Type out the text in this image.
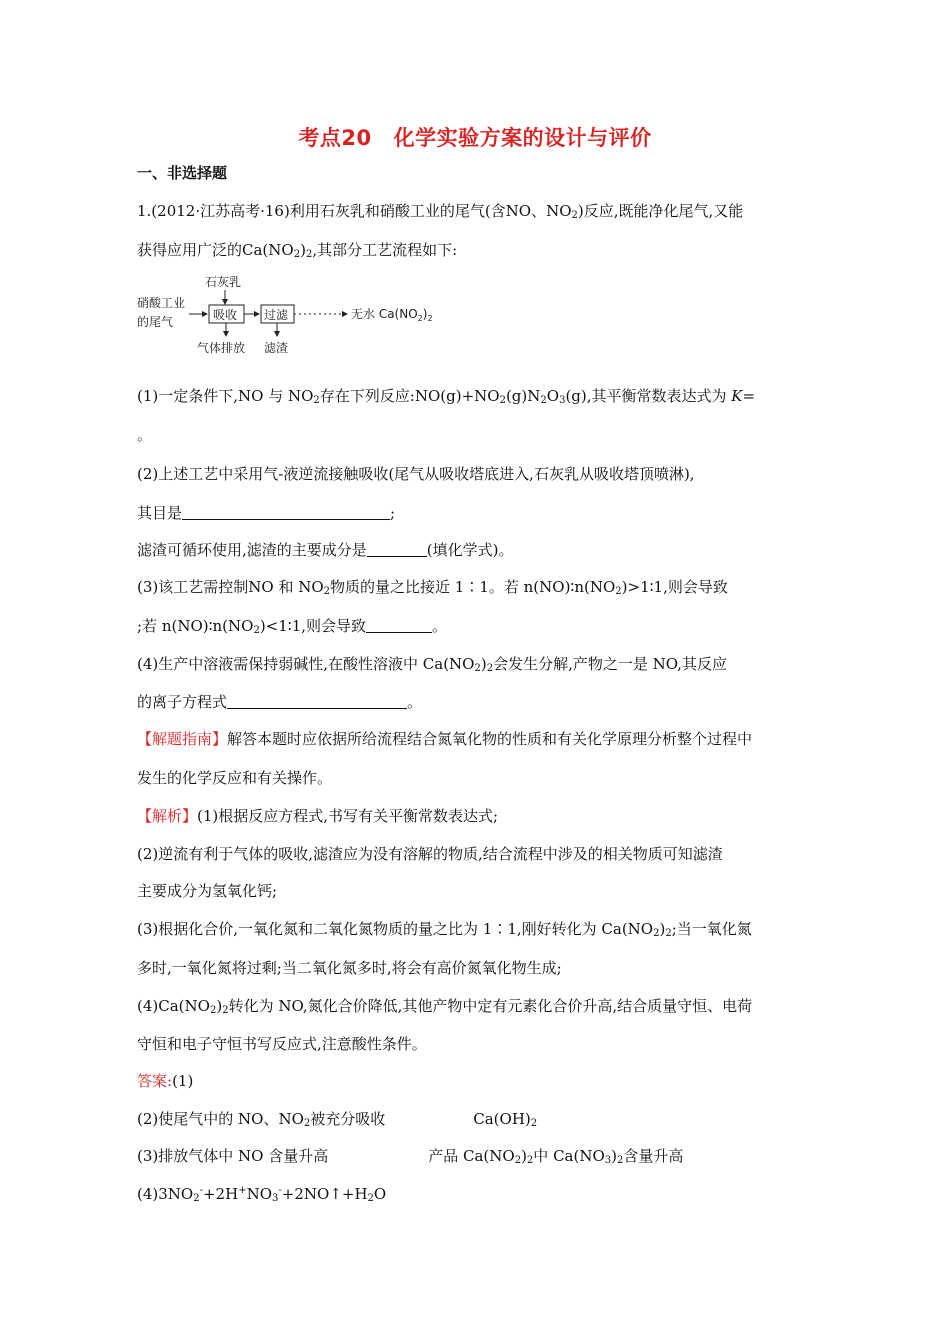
考点20 化学实验方案的设计与评价
一、非选择题
1.(2012·江苏高考·16)利用石灰乳和硝酸工业的尾气(含NO、$NO_2$)反应,既能净化尾气,又能
获得应用广泛的$Ca(NO_2)_2$,其部分工艺流程如下:
硝酸工业
的尾气
石灰乳
吸收 过滤
气体排放 滤渣
无水 $Ca(NO_2)_2$
(1)一定条件下,NO 与 $NO_2$存在下列反应$:NO(g)+NO_2(g)N_2O_3(g)$,其平衡常数表达式为 K=
。
(2)上述工艺中采用气-液逆流接触吸收(尾气从吸收塔底进入,石灰乳从吸收塔顶喷淋),
其目是	;
滤渣可循环使用,滤渣的主要成分是	(填化学式)。
(3)该工艺需控制NO 和 $NO_2$物质的量之比接近 1∶1。若 $n(NO)∶n(NO_2)>1∶1$,则会导致
;若 $n(NO)∶n(NO_2)<1∶1$,则会导致	。
(4)生产中溶液需保持弱碱性,在酸性溶液中 $Ca(NO_2)_2$会发生分解,产物之一是 NO,其反应
的离子方程式	。
【解题指南】解答本题时应依据所给流程结合氮氧化物的性质和有关化学原理分析整个过程中
发生的化学反应和有关操作。
【解析】(1)根据反应方程式,书写有关平衡常数表达式;
(2)逆流有利于气体的吸收,滤渣应为没有溶解的物质,结合流程中涉及的相关物质可知滤渣
主要成分为氢氧化钙;
(3)根据化合价,一氧化氮和二氧化氮物质的量之比为 1∶1,刚好转化为 $Ca(NO_2)_2$;当一氧化氮
多时,一氧化氮将过剩;当二氧化氮多时,将会有高价氮氧化物生成;
$(4)Ca(NO_2)_2$转化为 NO,氮化合价降低,其他产物中定有元素化合价升高,结合质量守恒、电荷
守恒和电子守恒书写反应式,注意酸性条件。
答案:(1)
(2)使尾气中的 NO、$NO_2$被充分吸收	$Ca(OH)_2$
(3)排放气体中 NO 含量升高	产品 $Ca(NO_2)_2$中 $Ca(NO_3)_2$含量升高
$(4)3NO_2^-+2H^+NO_3^-+2NO↑+H_2O$
